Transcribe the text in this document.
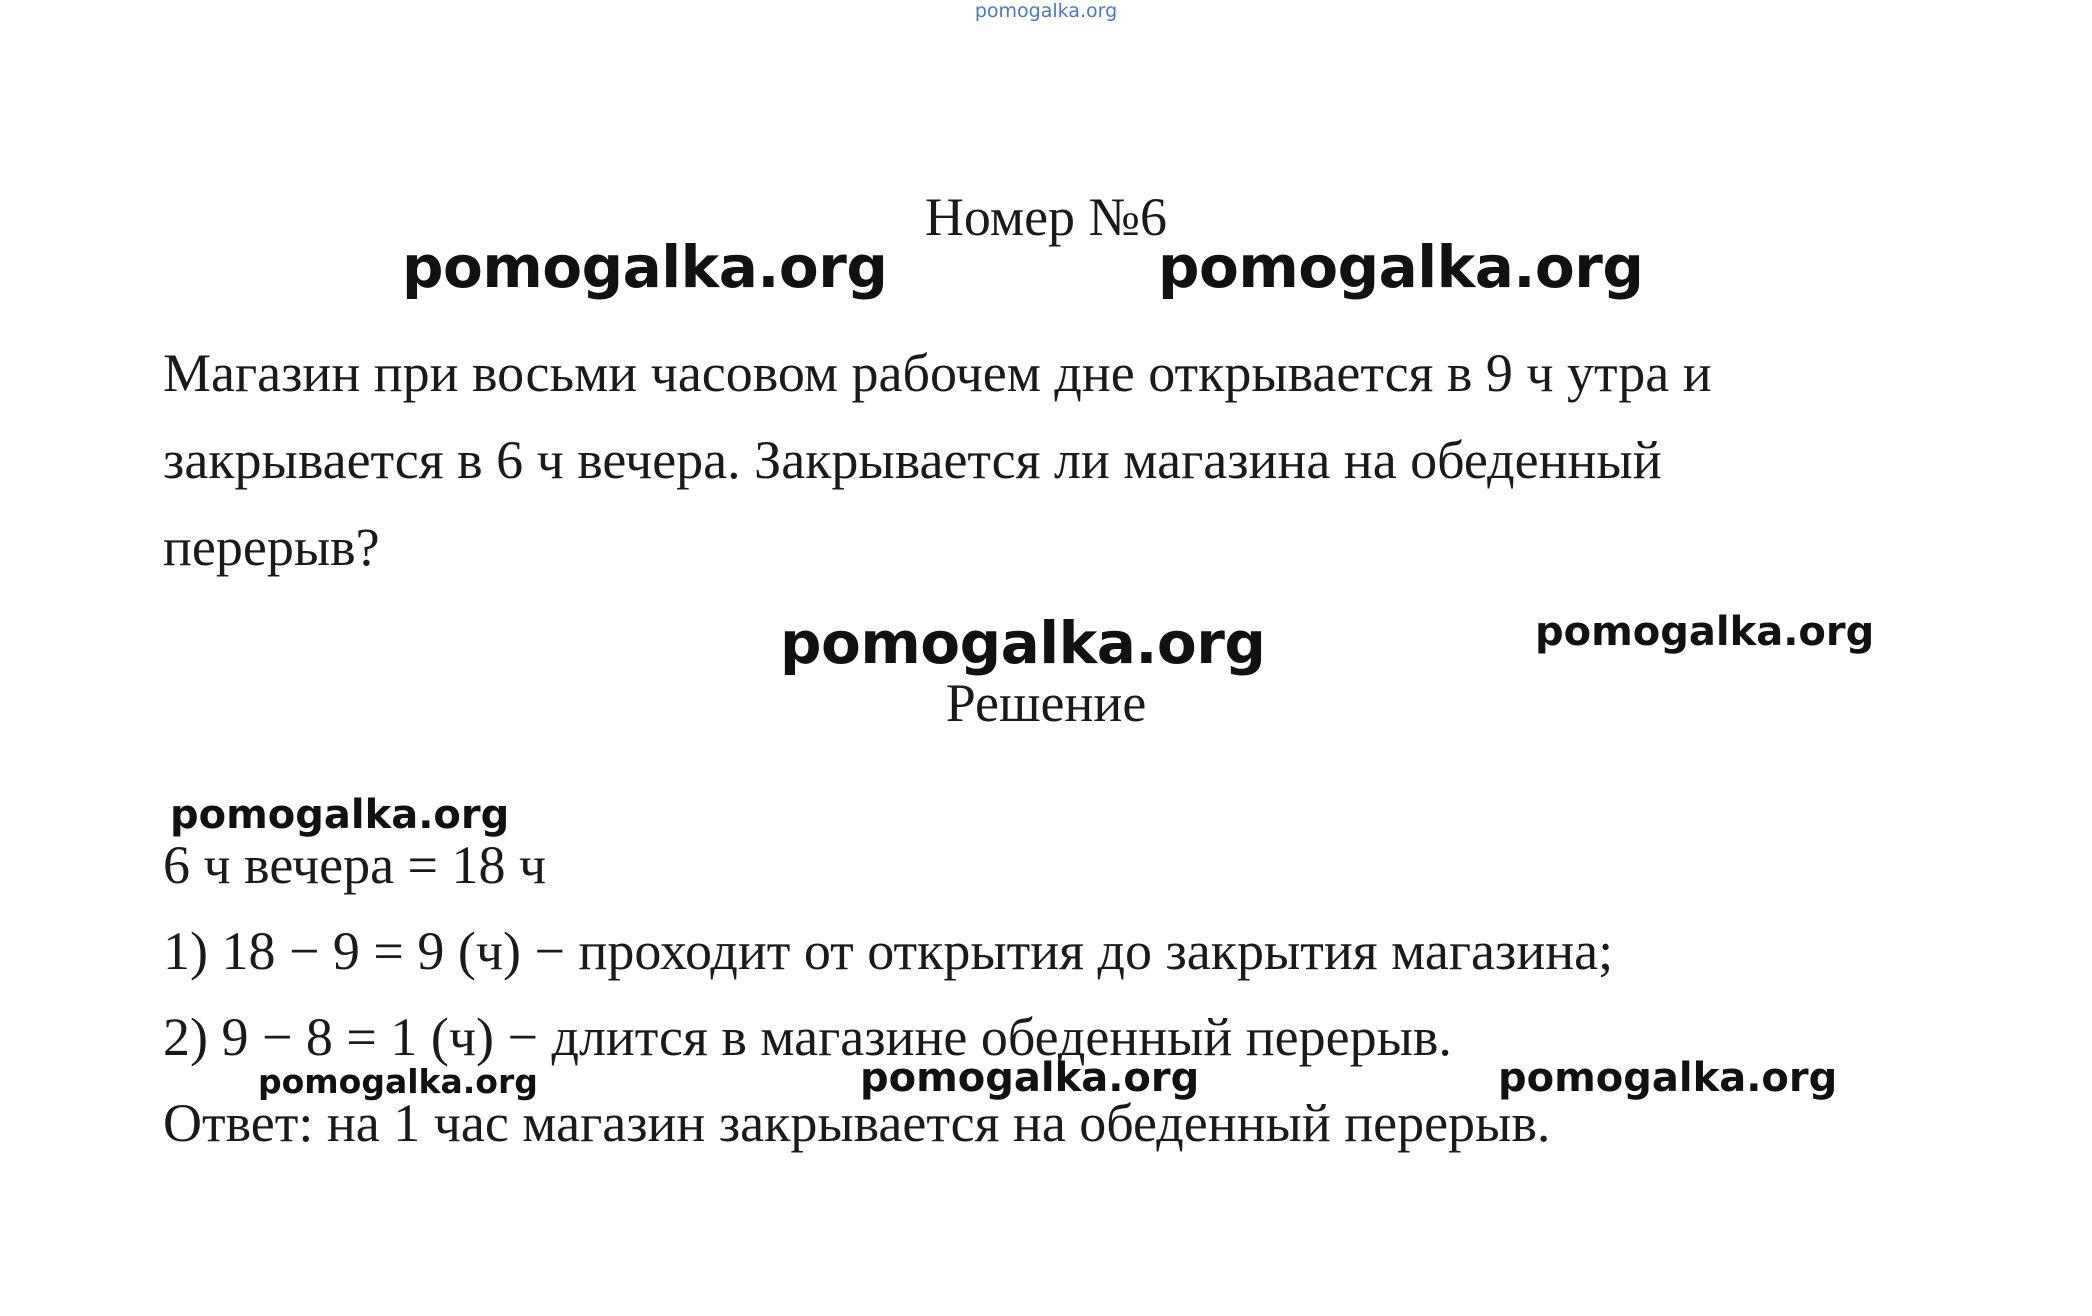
pomogalka.org
Номер №6
pomogalka.org	pomogalka.org

Магазин при восьми часовом рабочем дне открывается в 9 ч утра и

закрывается в 6 ч вечера. Закрывается ли магазина на обеденный

перерыв?

pomogalka.org	pomogalka.org
Решение
pomogalka.org
6 ч вечера = 18 ч
1) 18 − 9 = 9 (ч) − проходит от открытия до закрытия магазина;
2) 9 − 8 = 1 (ч) − длится в магазине обеденный перерыв.
Ответ: на 1 час магазин закрывается на обеденный перерыв.
pomogalka.org	pomogalka.org	pomogalka.org
